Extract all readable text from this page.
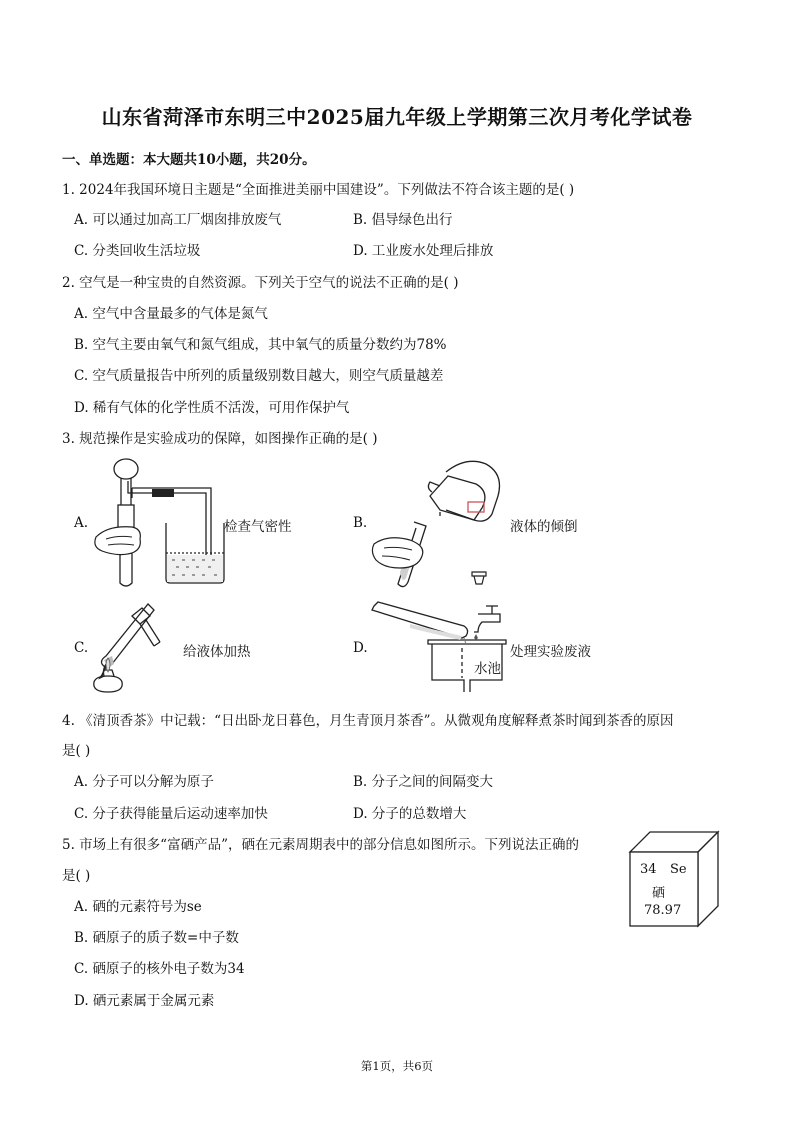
山东省菏泽市东明三中2025届九年级上学期第三次月考化学试卷
一、单选题：本大题共10小题，共20分。
1. 2024年我国环境日主题是“全面推进美丽中国建设”。下列做法不符合该主题的是( )
A. 可以通过加高工厂烟囱排放废气	B. 倡导绿色出行
C. 分类回收生活垃圾	D. 工业废水处理后排放
2. 空气是一种宝贵的自然资源。下列关于空气的说法不正确的是( )
A. 空气中含量最多的气体是氮气
B. 空气主要由氧气和氮气组成，其中氧气的质量分数约为78%
C. 空气质量报告中所列的质量级别数目越大，则空气质量越差
D. 稀有气体的化学性质不活泼，可用作保护气
3. 规范操作是实验成功的保障，如图操作正确的是( )
A.	检查气密性	B.	液体的倾倒
C.	给液体加热	D.
水池
处理实验废液
4. 《清顶香茶》中记载：“日出卧龙日暮色，月生青顶月茶香”。从微观角度解释煮茶时闻到茶香的原因
是( )
A. 分子可以分解为原子	B. 分子之间的间隔变大
C. 分子获得能量后运动速率加快	D. 分子的总数增大
5. 市场上有很多“富硒产品”，硒在元素周期表中的部分信息如图所示。下列说法正确的
是( )
A. 硒的元素符号为se
B. 硒原子的质子数=中子数
C. 硒原子的核外电子数为34
D. 硒元素属于金属元素
34 Se
硒
78.97
第1页，共6页
